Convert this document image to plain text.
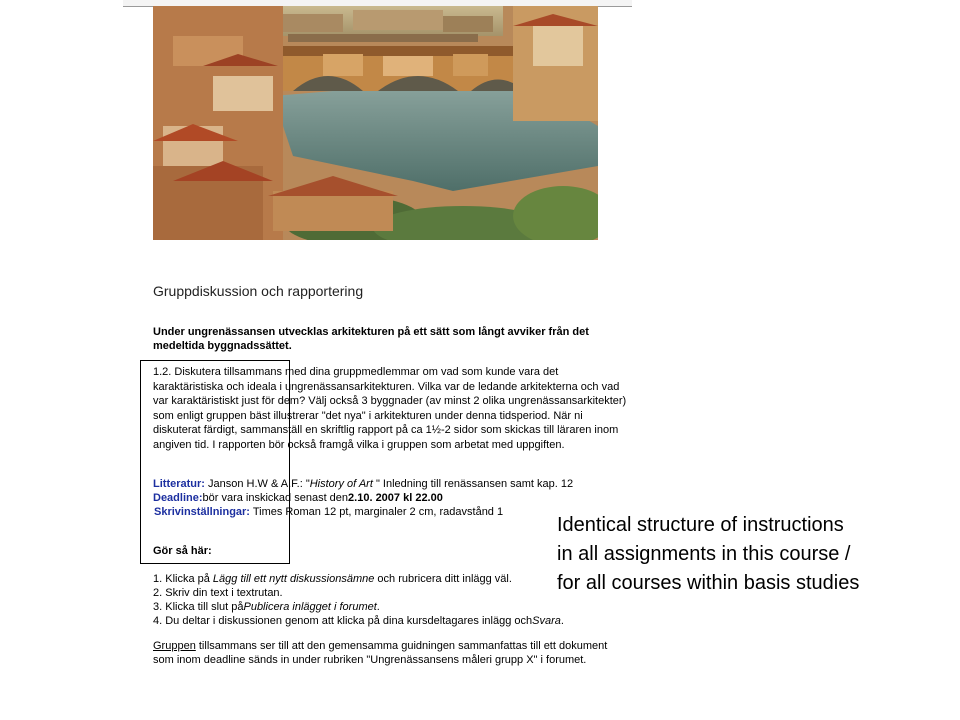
Gruppdiskussion och rapportering
Under ungrenässansen utvecklas arkitekturen på ett sätt som långt avviker från det medeltida byggnadssättet.
1.2. Diskutera tillsammans med dina gruppmedlemmar om vad som kunde vara det karaktäristiska och ideala i ungrenässansarkitekturen. Vilka var de ledande arkitekterna och vad var karaktäristiskt just för dem? Välj också 3 byggnader (av minst 2 olika ungrenässansarkitekter) som enligt gruppen bäst illustrerar "det nya" i arkitekturen under denna tidsperiod. När ni diskuterat färdigt, sammanställ en skriftlig rapport på ca 1½-2 sidor som skickas till läraren inom angiven tid. I rapporten bör också framgå vilka i gruppen som arbetat med uppgiften.
Litteratur: Janson H.W & A.F.: "History of Art " Inledning till renässansen samt kap. 12
Deadline:bör vara inskickad senast den2.10. 2007 kl 22.00
Skrivinställningar: Times Roman 12 pt, marginaler 2 cm, radavstånd 1
Gör så här:
1. Klicka på Lägg till ett nytt diskussionsämne och rubricera ditt inlägg väl.
2. Skriv din text i textrutan.
3. Klicka till slut påPublicera inlägget i forumet.
4. Du deltar i diskussionen genom att klicka på dina kursdeltagares inlägg ochSvara.
Gruppen tillsammans ser till att den gemensamma guidningen sammanfattas till ett dokument som inom deadline sänds in under rubriken "Ungrenässansens måleri grupp X" i forumet.
Identical structure of instructions
in all assignments in this course /
for all courses within basis studies
